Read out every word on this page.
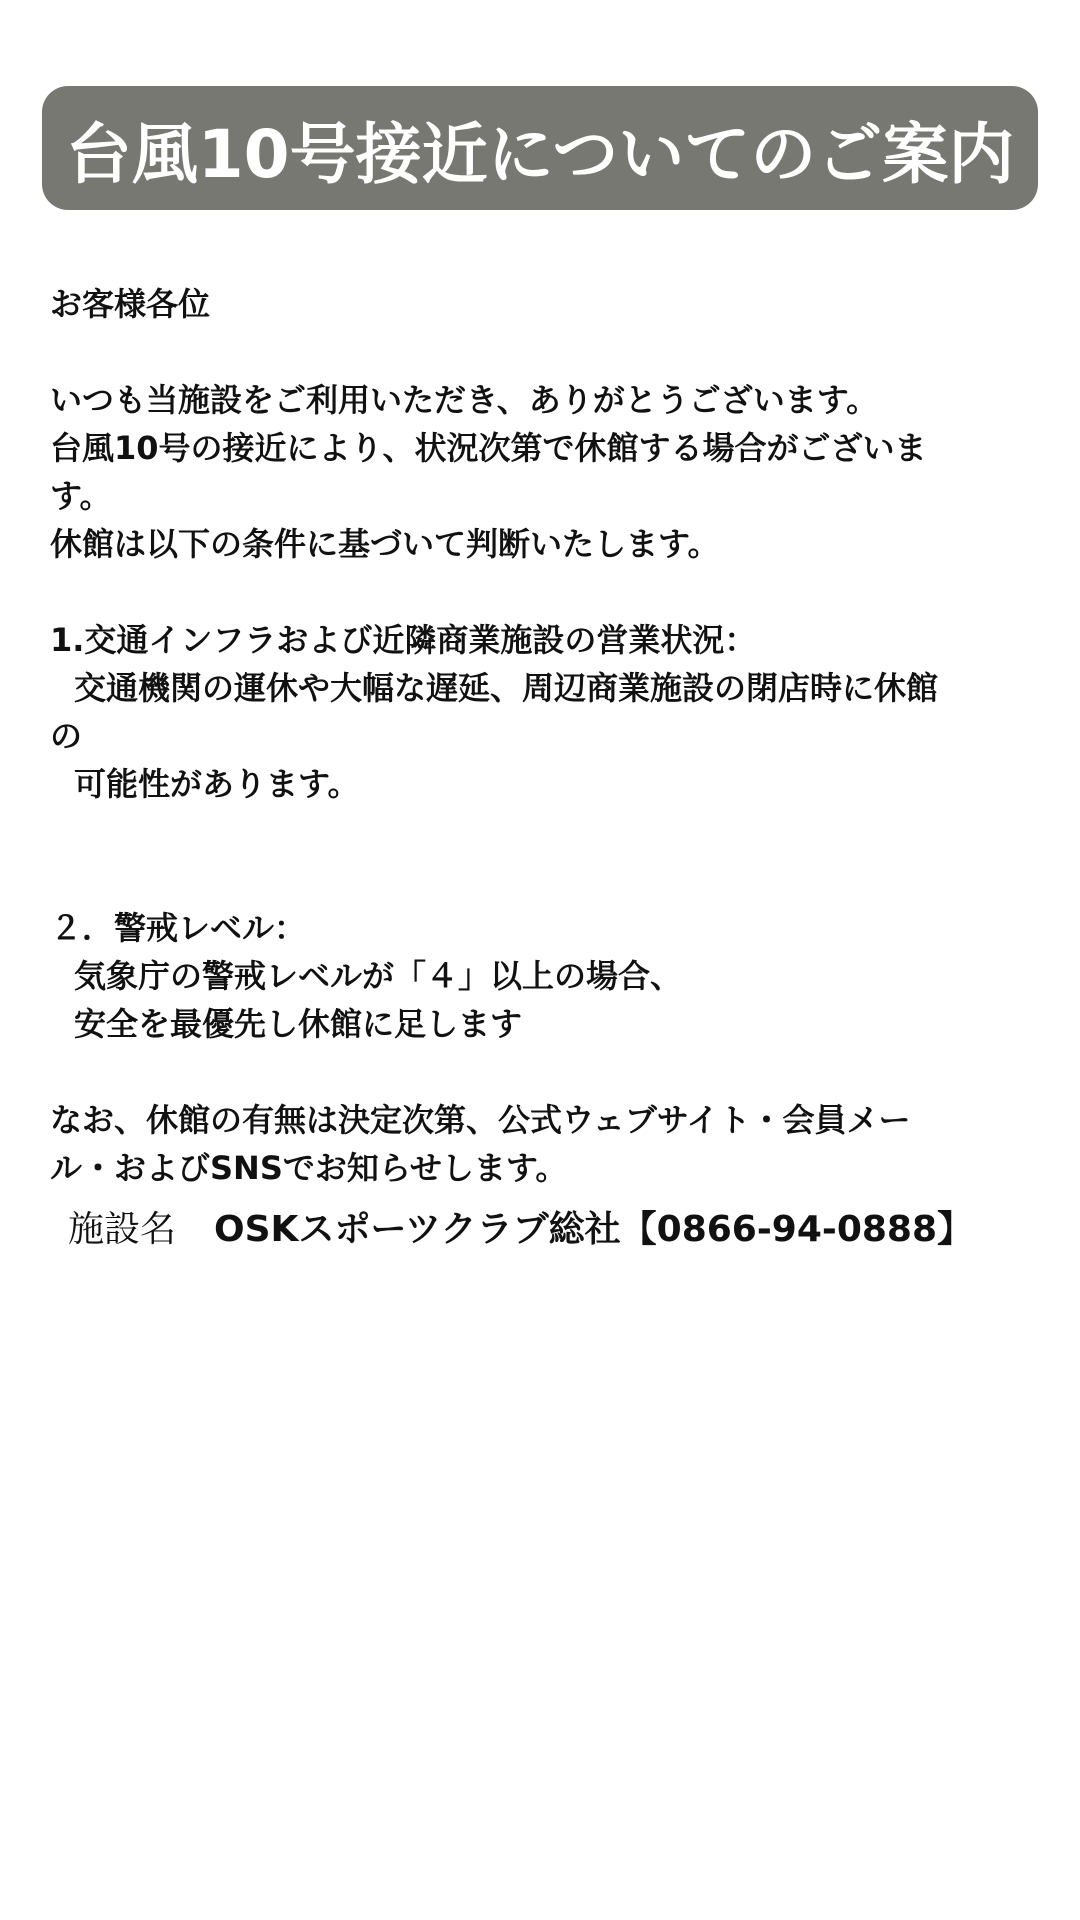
台風10号接近についてのご案内
お客様各位
いつも当施設をご利用いただき、ありがとうございます。
台風10号の接近により、状況次第で休館する場合がございま
す。
休館は以下の条件に基づいて判断いたします。
1.交通インフラおよび近隣商業施設の営業状況：
交通機関の運休や大幅な遅延、周辺商業施設の閉店時に休館
の
可能性があります。
２．警戒レベル：
気象庁の警戒レベルが「４」以上の場合、
安全を最優先し休館に足します
なお、休館の有無は決定次第、公式ウェブサイト・会員メー
ル・およびSNSでお知らせします。
施設名 OSKスポーツクラブ総社【0866-94-0888】
